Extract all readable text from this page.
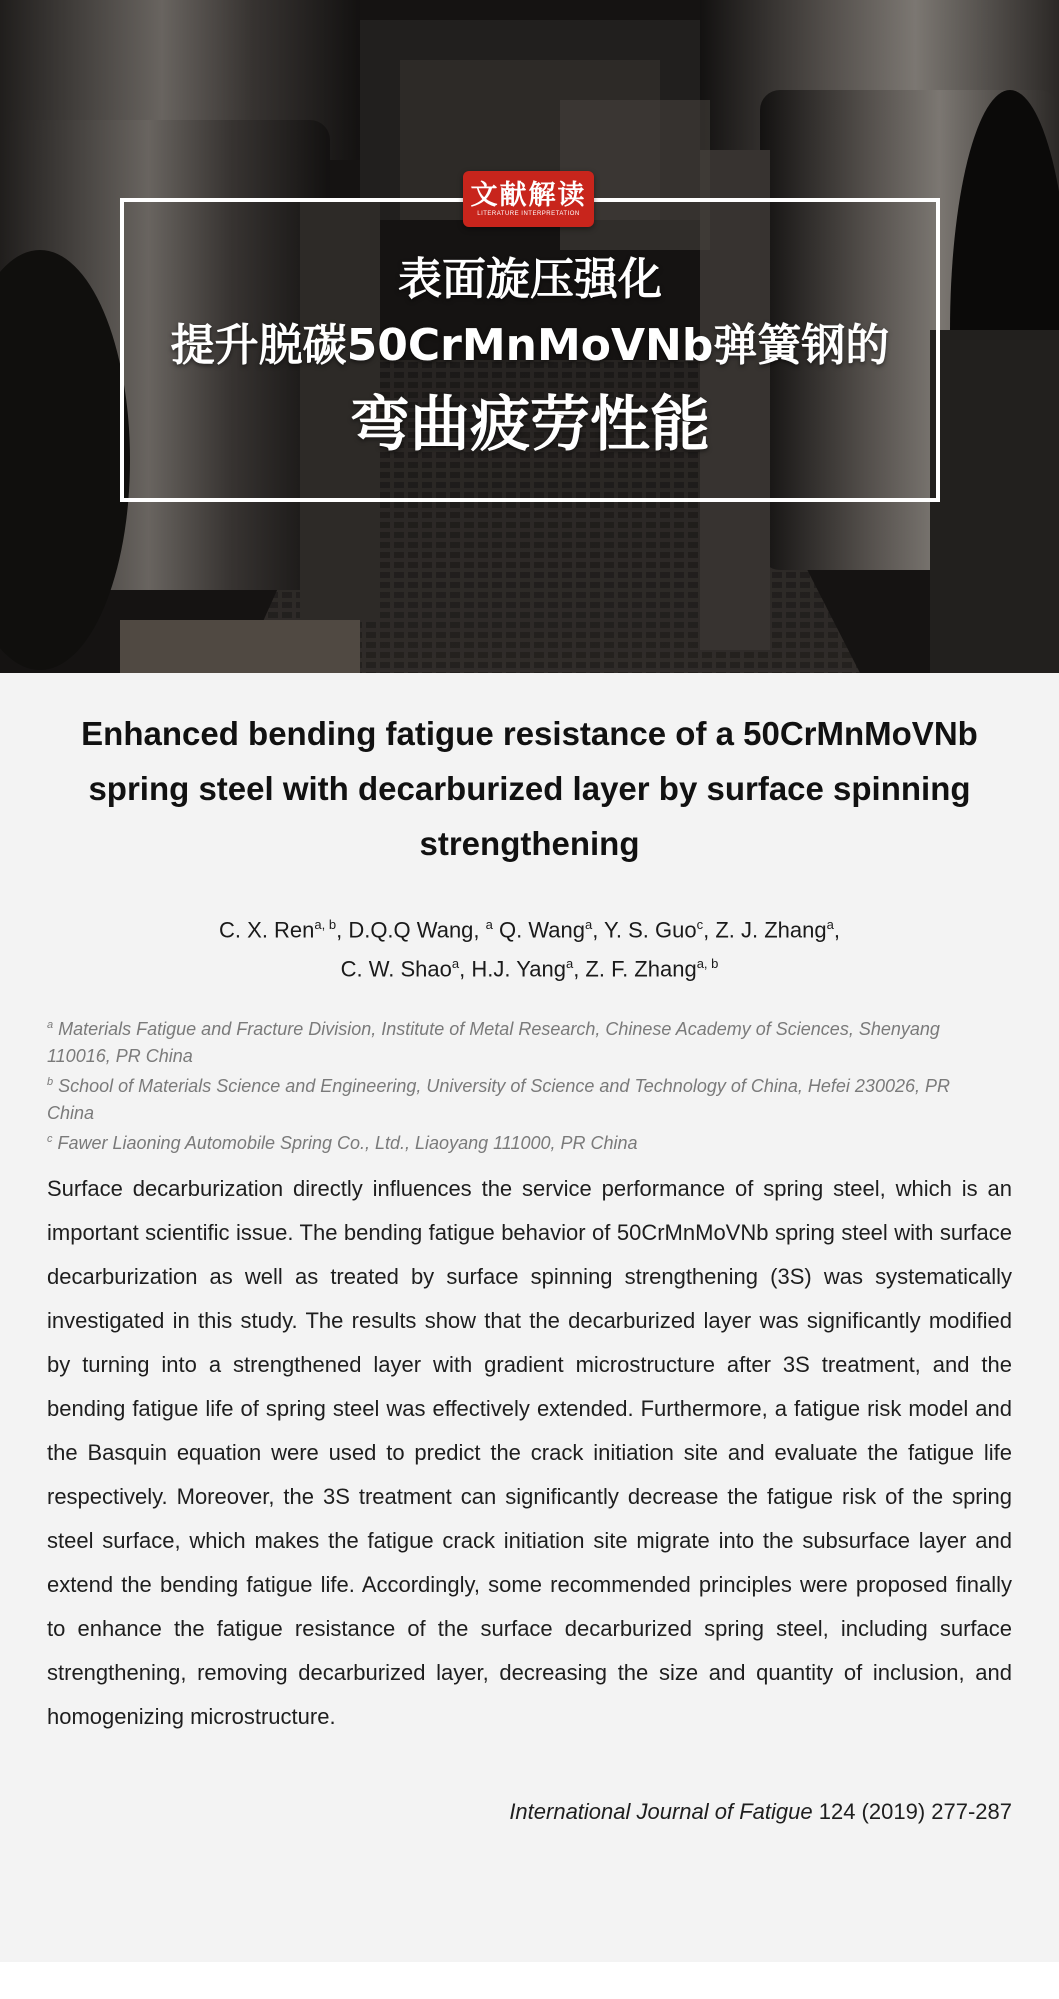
文献解读
LITERATURE INTERPRETATION
表面旋压强化
提升脱碳50CrMnMoVNb弹簧钢的
弯曲疲劳性能
Enhanced bending fatigue resistance of a 50CrMnMoVNb spring steel with decarburized layer by surface spinning strengthening
C. X. Ren$^{a, b}$, D.Q.Q Wang, $^a$ Q. Wang$^a$, Y. S. Guo$^c$, Z. J. Zhang$^a$,
C. W. Shao$^a$, H.J. Yang$^a$, Z. F. Zhang$^{a, b}$

$^a$ Materials Fatigue and Fracture Division, Institute of Metal Research, Chinese Academy of Sciences, Shenyang 110016, PR China

$^b$ School of Materials Science and Engineering, University of Science and Technology of China, Hefei 230026, PR China

$^c$ Fawer Liaoning Automobile Spring Co., Ltd., Liaoyang 111000, PR China

Surface decarburization directly influences the service performance of spring steel, which is an important scientific issue. The bending fatigue behavior of 50CrMnMoVNb spring steel with surface decarburization as well as treated by surface spinning strengthening (3S) was systematically investigated in this study. The results show that the decarburized layer was significantly modified by turning into a strengthened layer with gradient microstructure after 3S treatment, and the bending fatigue life of spring steel was effectively extended. Furthermore, a fatigue risk model and the Basquin equation were used to predict the crack initiation site and evaluate the fatigue life respectively. Moreover, the 3S treatment can significantly decrease the fatigue risk of the spring steel surface, which makes the fatigue crack initiation site migrate into the subsurface layer and extend the bending fatigue life. Accordingly, some recommended principles were proposed finally to enhance the fatigue resistance of the surface decarburized spring steel, including surface strengthening, removing decarburized layer, decreasing the size and quantity of inclusion, and homogenizing microstructure.

International Journal of Fatigue 124 (2019) 277-287
